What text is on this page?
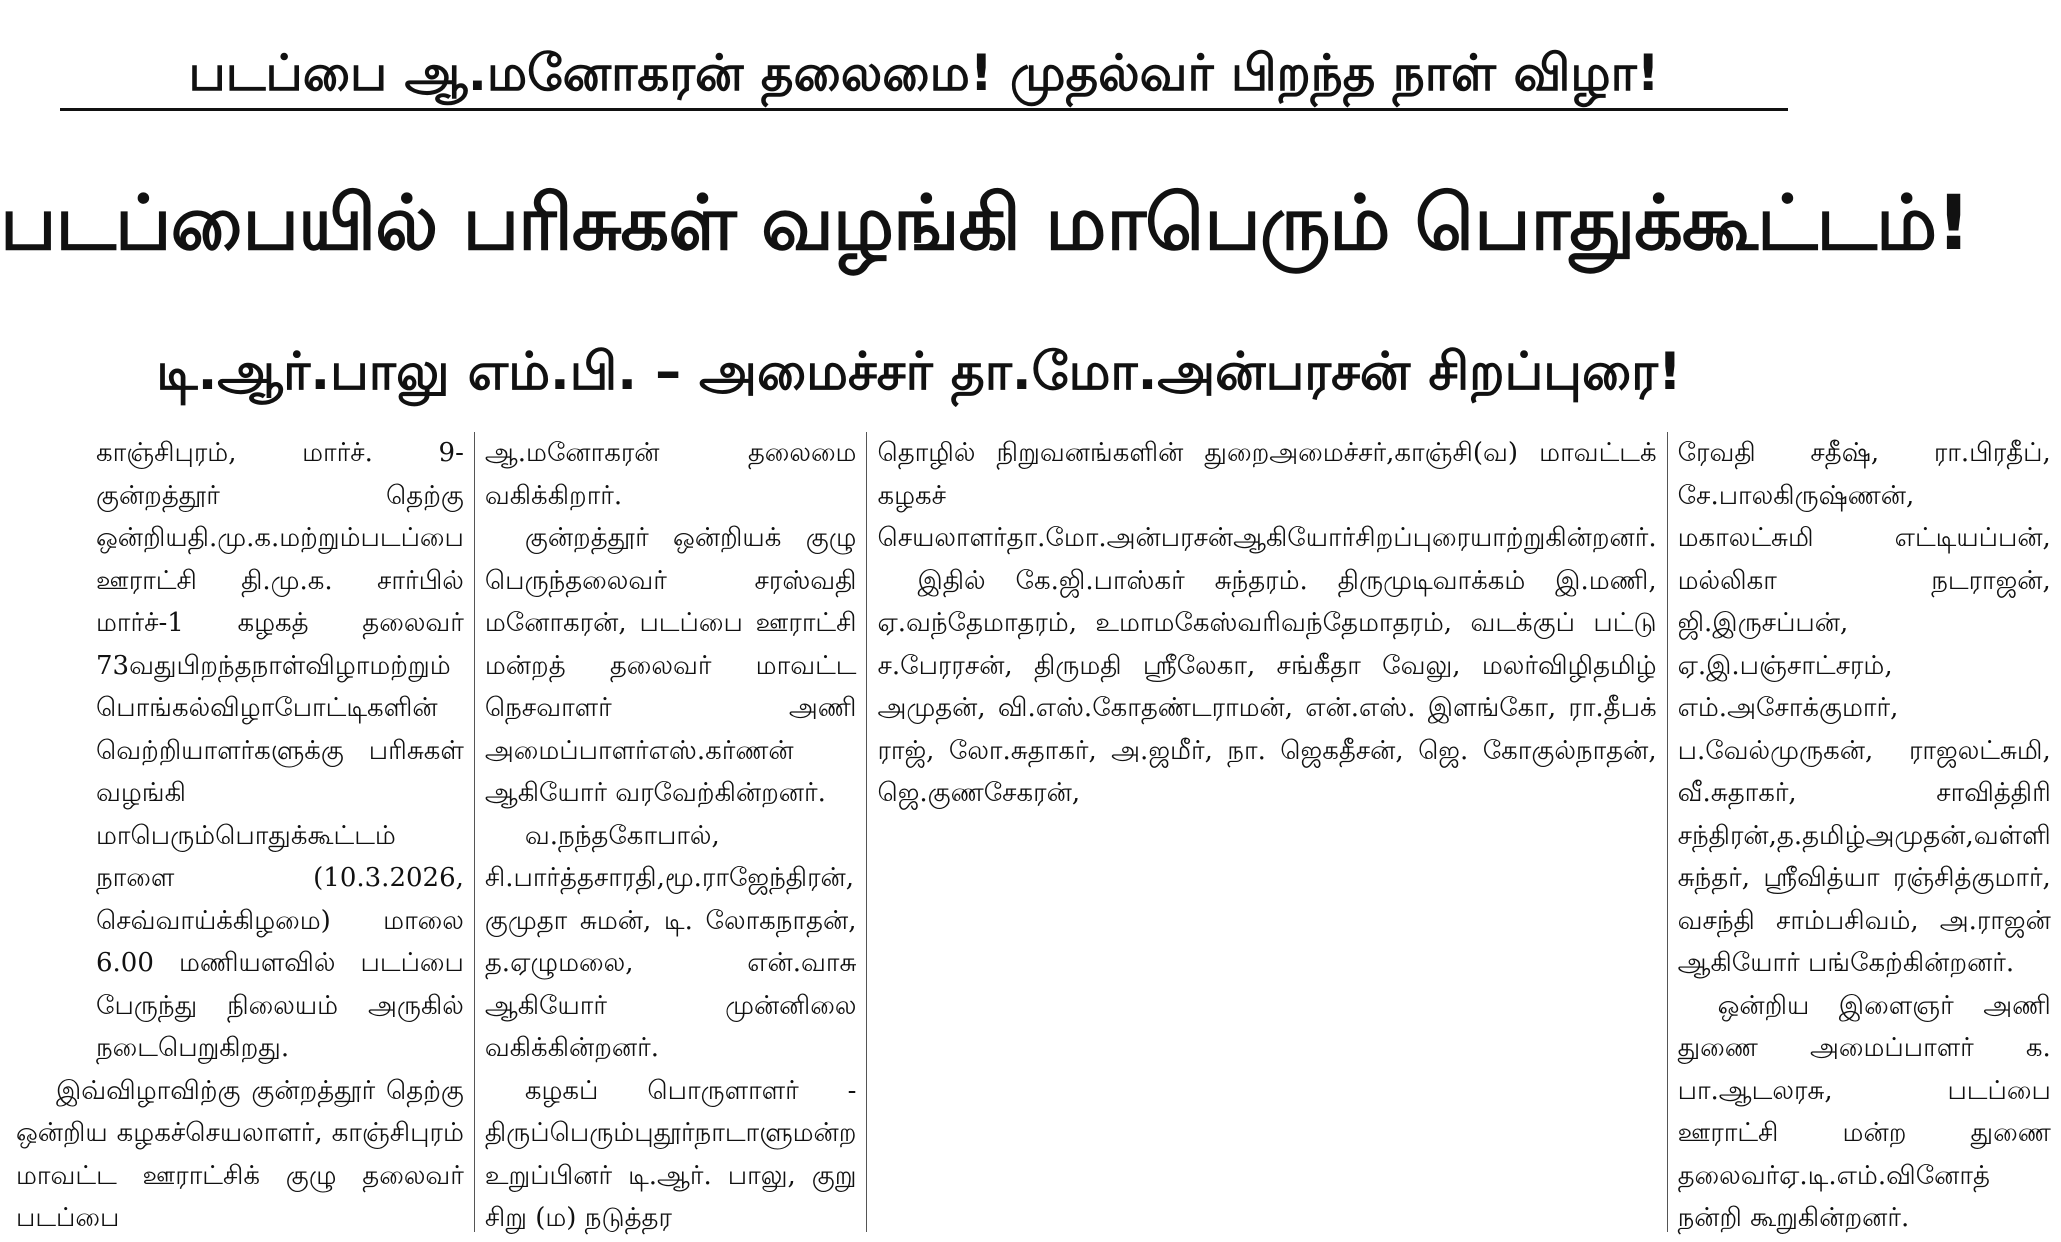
படப்பை ஆ.மனோகரன் தலைமை! முதல்வர் பிறந்த நாள் விழா!
படப்பையில் பரிசுகள் வழங்கி மாபெரும் பொதுக்கூட்டம்!
டி.ஆர்.பாலு எம்.பி. – அமைச்சர் தா.மோ.அன்பரசன் சிறப்புரை!

காஞ்சிபுரம், மார்ச். 9- குன்றத்தூர் தெற்கு ஒன்றியதி.மு.க.மற்றும்படப்பை ஊராட்சி தி.மு.க. சார்பில் மார்ச்-1 கழகத் தலைவர் 73வதுபிறந்தநாள்விழாமற்றும் பொங்கல்விழாபோட்டிகளின் வெற்றியாளர்களுக்கு பரிசுகள் வழங்கி மாபெரும்பொதுக்கூட்டம் நாளை (10.3.2026, செவ்வாய்க்கிழமை) மாலை 6.00 மணியளவில் படப்பை பேருந்து நிலையம் அருகில் நடைபெறுகிறது.

இவ்விழாவிற்கு குன்றத்தூர் தெற்கு ஒன்றிய கழகச்செயலாளர், காஞ்சிபுரம் மாவட்ட ஊராட்சிக் குழு தலைவர் படப்பை

ஆ.மனோகரன் தலைமை வகிக்கிறார்.

குன்றத்தூர் ஒன்றியக் குழு பெருந்தலைவர் சரஸ்வதி மனோகரன், படப்பை ஊராட்சி மன்றத் தலைவர் மாவட்ட நெசவாளர் அணி அமைப்பாளர்எஸ்.கர்ணன் ஆகியோர் வரவேற்கின்றனர்.

வ.நந்தகோபால், சி.பார்த்தசாரதி,மூ.ராஜேந்திரன், குமுதா சுமன், டி. லோகநாதன், த.ஏழுமலை, என்.வாசு ஆகியோர் முன்னிலை வகிக்கின்றனர்.

கழகப் பொருளாளர் - திருப்பெரும்புதூர்நாடாளுமன்ற உறுப்பினர் டி.ஆர். பாலு, குறு சிறு (ம) நடுத்தர

தொழில் நிறுவனங்களின் துறைஅமைச்சர்,காஞ்சி(வ) மாவட்டக் கழகச் செயலாளர்தா.மோ.அன்பரசன்ஆகியோர்சிறப்புரையாற்றுகின்றனர்.

இதில் கே.ஜி.பாஸ்கர் சுந்தரம். திருமுடிவாக்கம் இ.மணி, ஏ.வந்தேமாதரம், உமாமகேஸ்வரிவந்தேமாதரம், வடக்குப் பட்டு ச.பேரரசன், திருமதி ஸ்ரீலேகா, சங்கீதா வேலு, மலர்விழிதமிழ் அமுதன், வி.எஸ்.கோதண்டராமன், என்.எஸ். இளங்கோ, ரா.தீபக் ராஜ், லோ.சுதாகர், அ.ஜமீர், நா. ஜெகதீசன், ஜெ. கோகுல்நாதன், ஜெ.குணசேகரன்,

ரேவதி சதீஷ், ரா.பிரதீப், சே.பாலகிருஷ்ணன், மகாலட்சுமி எட்டியப்பன், மல்லிகா நடராஜன், ஜி.இருசப்பன், ஏ.இ.பஞ்சாட்சரம், எம்.அசோக்குமார், ப.வேல்முருகன், ராஜலட்சுமி, வீ.சுதாகர், சாவித்திரி சந்திரன்,த.தமிழ்அமுதன்,வள்ளி சுந்தர், ஸ்ரீவித்யா ரஞ்சித்குமார், வசந்தி சாம்பசிவம், அ.ராஜன் ஆகியோர் பங்கேற்கின்றனர்.

ஒன்றிய இளைஞர் அணி துணை அமைப்பாளர் க. பா.ஆடலரசு, படப்பை ஊராட்சி மன்ற துணை தலைவர்ஏ.டி.எம்.வினோத் நன்றி கூறுகின்றனர்.
